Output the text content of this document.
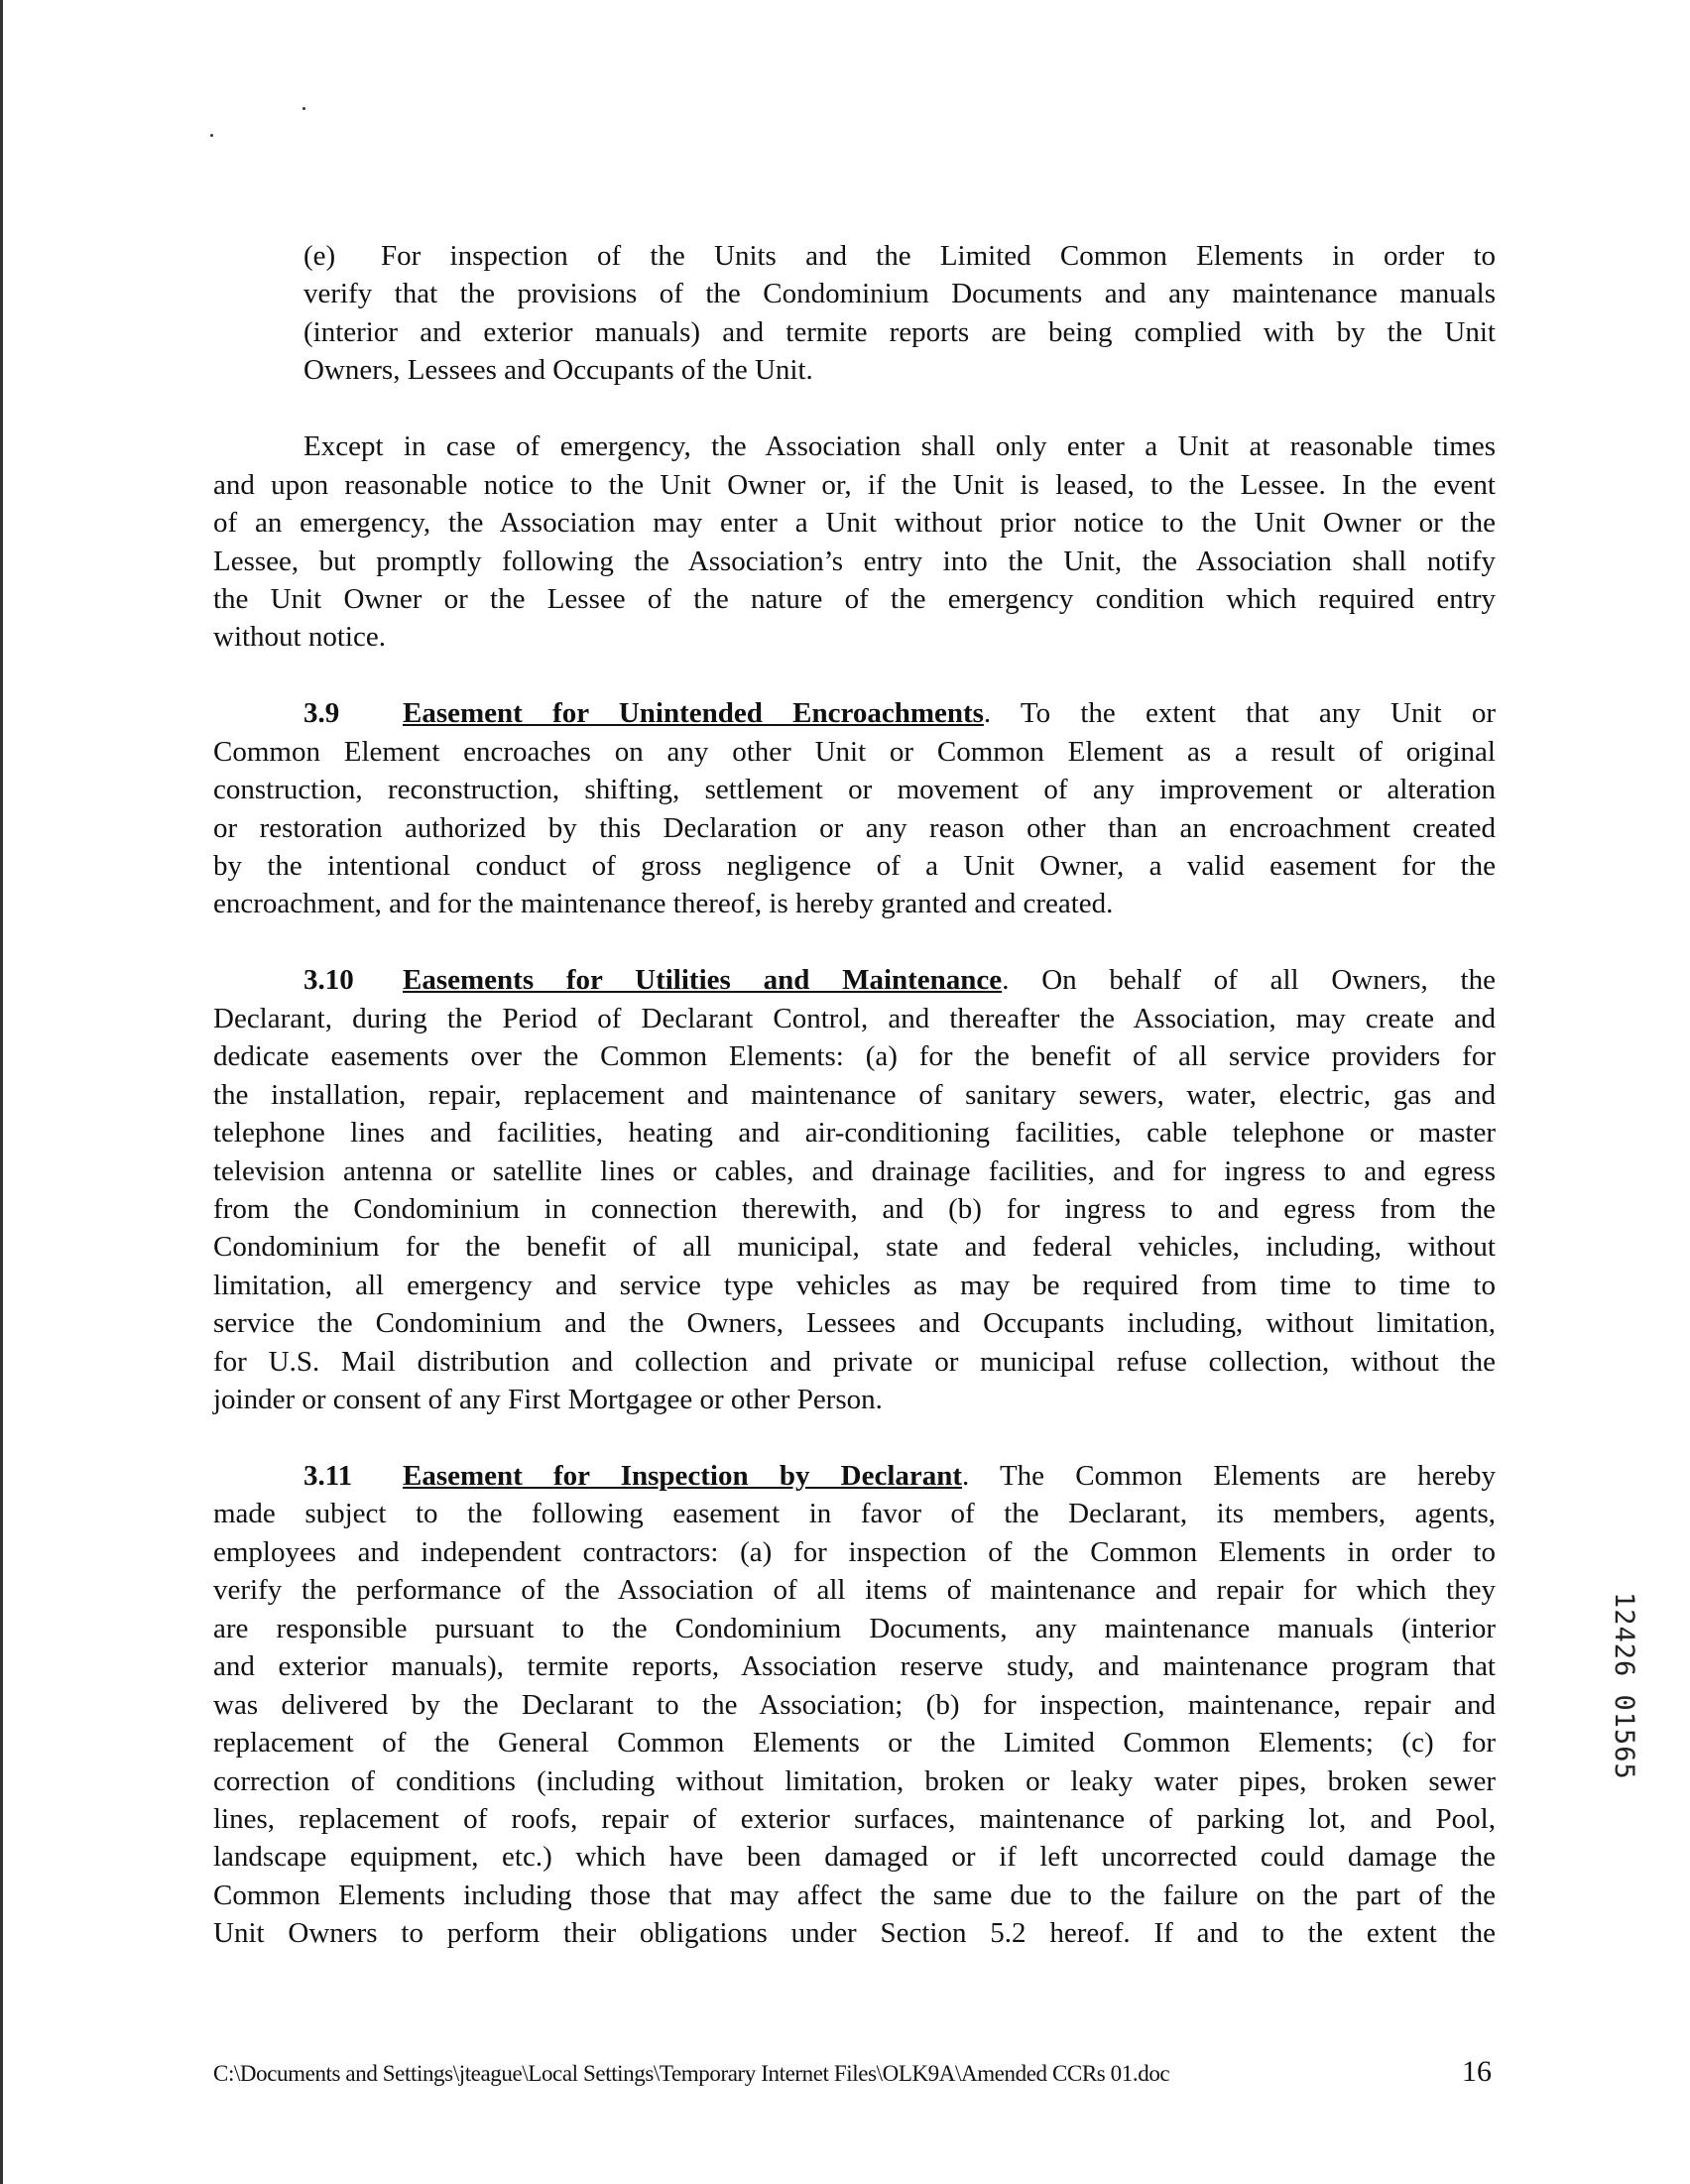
(e) For inspection of the Units and the Limited Common Elements in order to
verify that the provisions of the Condominium Documents and any maintenance manuals
(interior and exterior manuals) and termite reports are being complied with by the Unit
Owners, Lessees and Occupants of the Unit.
Except in case of emergency, the Association shall only enter a Unit at reasonable times
and upon reasonable notice to the Unit Owner or, if the Unit is leased, to the Lessee. In the event
of an emergency, the Association may enter a Unit without prior notice to the Unit Owner or the
Lessee, but promptly following the Association’s entry into the Unit, the Association shall notify
the Unit Owner or the Lessee of the nature of the emergency condition which required entry
without notice.
3.9 Easement for Unintended Encroachments. To the extent that any Unit or
Common Element encroaches on any other Unit or Common Element as a result of original
construction, reconstruction, shifting, settlement or movement of any improvement or alteration
or restoration authorized by this Declaration or any reason other than an encroachment created
by the intentional conduct of gross negligence of a Unit Owner, a valid easement for the
encroachment, and for the maintenance thereof, is hereby granted and created.
3.10 Easements for Utilities and Maintenance. On behalf of all Owners, the
Declarant, during the Period of Declarant Control, and thereafter the Association, may create and
dedicate easements over the Common Elements: (a) for the benefit of all service providers for
the installation, repair, replacement and maintenance of sanitary sewers, water, electric, gas and
telephone lines and facilities, heating and air-conditioning facilities, cable telephone or master
television antenna or satellite lines or cables, and drainage facilities, and for ingress to and egress
from the Condominium in connection therewith, and (b) for ingress to and egress from the
Condominium for the benefit of all municipal, state and federal vehicles, including, without
limitation, all emergency and service type vehicles as may be required from time to time to
service the Condominium and the Owners, Lessees and Occupants including, without limitation,
for U.S. Mail distribution and collection and private or municipal refuse collection, without the
joinder or consent of any First Mortgagee or other Person.
3.11 Easement for Inspection by Declarant. The Common Elements are hereby
made subject to the following easement in favor of the Declarant, its members, agents,
employees and independent contractors: (a) for inspection of the Common Elements in order to
verify the performance of the Association of all items of maintenance and repair for which they
are responsible pursuant to the Condominium Documents, any maintenance manuals (interior
and exterior manuals), termite reports, Association reserve study, and maintenance program that
was delivered by the Declarant to the Association; (b) for inspection, maintenance, repair and
replacement of the General Common Elements or the Limited Common Elements; (c) for
correction of conditions (including without limitation, broken or leaky water pipes, broken sewer
lines, replacement of roofs, repair of exterior surfaces, maintenance of parking lot, and Pool,
landscape equipment, etc.) which have been damaged or if left uncorrected could damage the
Common Elements including those that may affect the same due to the failure on the part of the
Unit Owners to perform their obligations under Section 5.2 hereof. If and to the extent the
C:\Documents and Settings\jteague\Local Settings\Temporary Internet Files\OLK9A\Amended CCRs 01.doc	16
12426 01565
